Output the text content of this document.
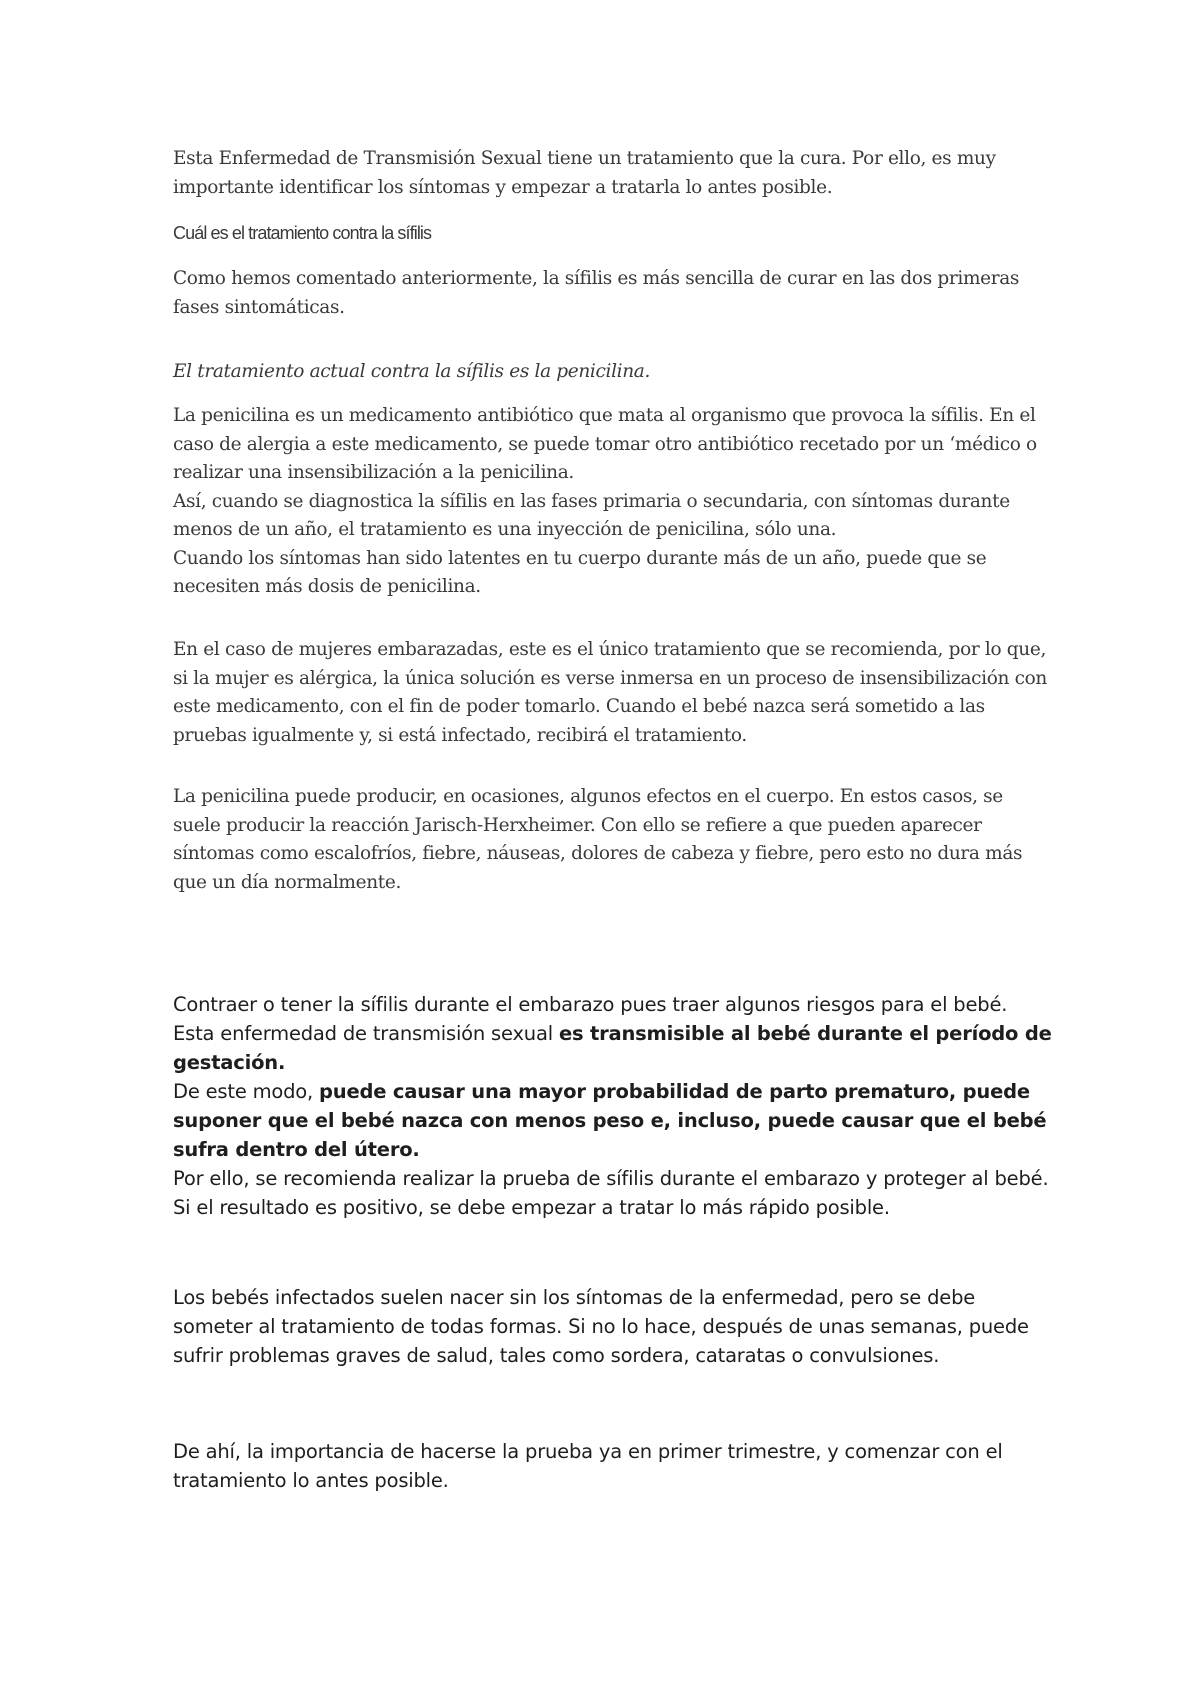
Esta Enfermedad de Transmisión Sexual tiene un tratamiento que la cura. Por ello, es muy importante identificar los síntomas y empezar a tratarla lo antes posible.

Cuál es el tratamiento contra la sífilis

Como hemos comentado anteriormente, la sífilis es más sencilla de curar en las dos primeras fases sintomáticas.

El tratamiento actual contra la sífilis es la penicilina.

La penicilina es un medicamento antibiótico que mata al organismo que provoca la sífilis. En el caso de alergia a este medicamento, se puede tomar otro antibiótico recetado por un ‘médico o realizar una insensibilización a la penicilina.

Así, cuando se diagnostica la sífilis en las fases primaria o secundaria, con síntomas durante menos de un año, el tratamiento es una inyección de penicilina, sólo una.

Cuando los síntomas han sido latentes en tu cuerpo durante más de un año, puede que se necesiten más dosis de penicilina.

En el caso de mujeres embarazadas, este es el único tratamiento que se recomienda, por lo que, si la mujer es alérgica, la única solución es verse inmersa en un proceso de insensibilización con este medicamento, con el fin de poder tomarlo. Cuando el bebé nazca será sometido a las pruebas igualmente y, si está infectado, recibirá el tratamiento.

La penicilina puede producir, en ocasiones, algunos efectos en el cuerpo. En estos casos, se suele producir la reacción Jarisch-Herxheimer. Con ello se refiere a que pueden aparecer síntomas como escalofríos, fiebre, náuseas, dolores de cabeza y fiebre, pero esto no dura más que un día normalmente.

Contraer o tener la sífilis durante el embarazo pues traer algunos riesgos para el bebé. Esta enfermedad de transmisión sexual es transmisible al bebé durante el período de gestación.

De este modo, puede causar una mayor probabilidad de parto prematuro, puede suponer que el bebé nazca con menos peso e, incluso, puede causar que el bebé sufra dentro del útero.

Por ello, se recomienda realizar la prueba de sífilis durante el embarazo y proteger al bebé. Si el resultado es positivo, se debe empezar a tratar lo más rápido posible.

Los bebés infectados suelen nacer sin los síntomas de la enfermedad, pero se debe someter al tratamiento de todas formas. Si no lo hace, después de unas semanas, puede sufrir problemas graves de salud, tales como sordera, cataratas o convulsiones.

De ahí, la importancia de hacerse la prueba ya en primer trimestre, y comenzar con el tratamiento lo antes posible.
